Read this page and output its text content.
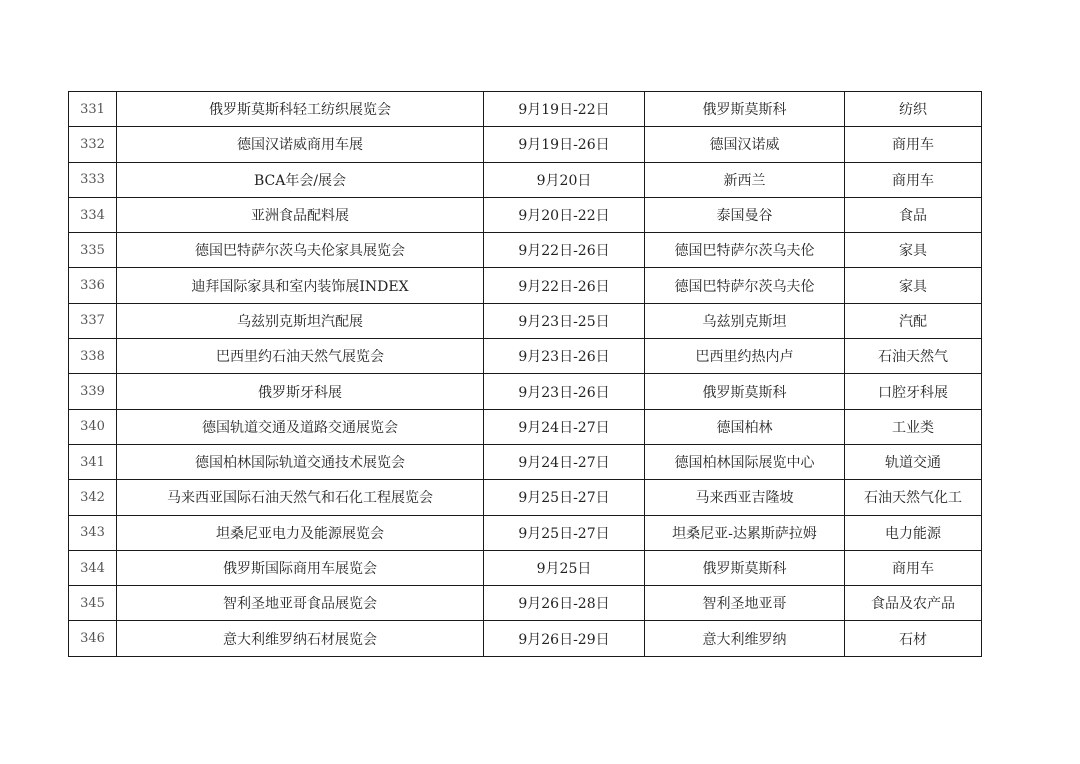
331	俄罗斯莫斯科轻工纺织展览会	9月19日-22日	俄罗斯莫斯科	纺织
332	德国汉诺威商用车展	9月19日-26日	德国汉诺威	商用车
333	BCA年会/展会	9月20日	新西兰	商用车
334	亚洲食品配料展	9月20日-22日	泰国曼谷	食品
335	德国巴特萨尔茨乌夫伦家具展览会	9月22日-26日	德国巴特萨尔茨乌夫伦	家具
336	迪拜国际家具和室内装饰展INDEX	9月22日-26日	德国巴特萨尔茨乌夫伦	家具
337	乌兹别克斯坦汽配展	9月23日-25日	乌兹别克斯坦	汽配
338	巴西里约石油天然气展览会	9月23日-26日	巴西里约热内卢	石油天然气
339	俄罗斯牙科展	9月23日-26日	俄罗斯莫斯科	口腔牙科展
340	德国轨道交通及道路交通展览会	9月24日-27日	德国柏林	工业类
341	德国柏林国际轨道交通技术展览会	9月24日-27日	德国柏林国际展览中心	轨道交通
342	马来西亚国际石油天然气和石化工程展览会	9月25日-27日	马来西亚吉隆坡	石油天然气化工
343	坦桑尼亚电力及能源展览会	9月25日-27日	坦桑尼亚-达累斯萨拉姆	电力能源
344	俄罗斯国际商用车展览会	9月25日	俄罗斯莫斯科	商用车
345	智利圣地亚哥食品展览会	9月26日-28日	智利圣地亚哥	食品及农产品
346	意大利维罗纳石材展览会	9月26日-29日	意大利维罗纳	石材
